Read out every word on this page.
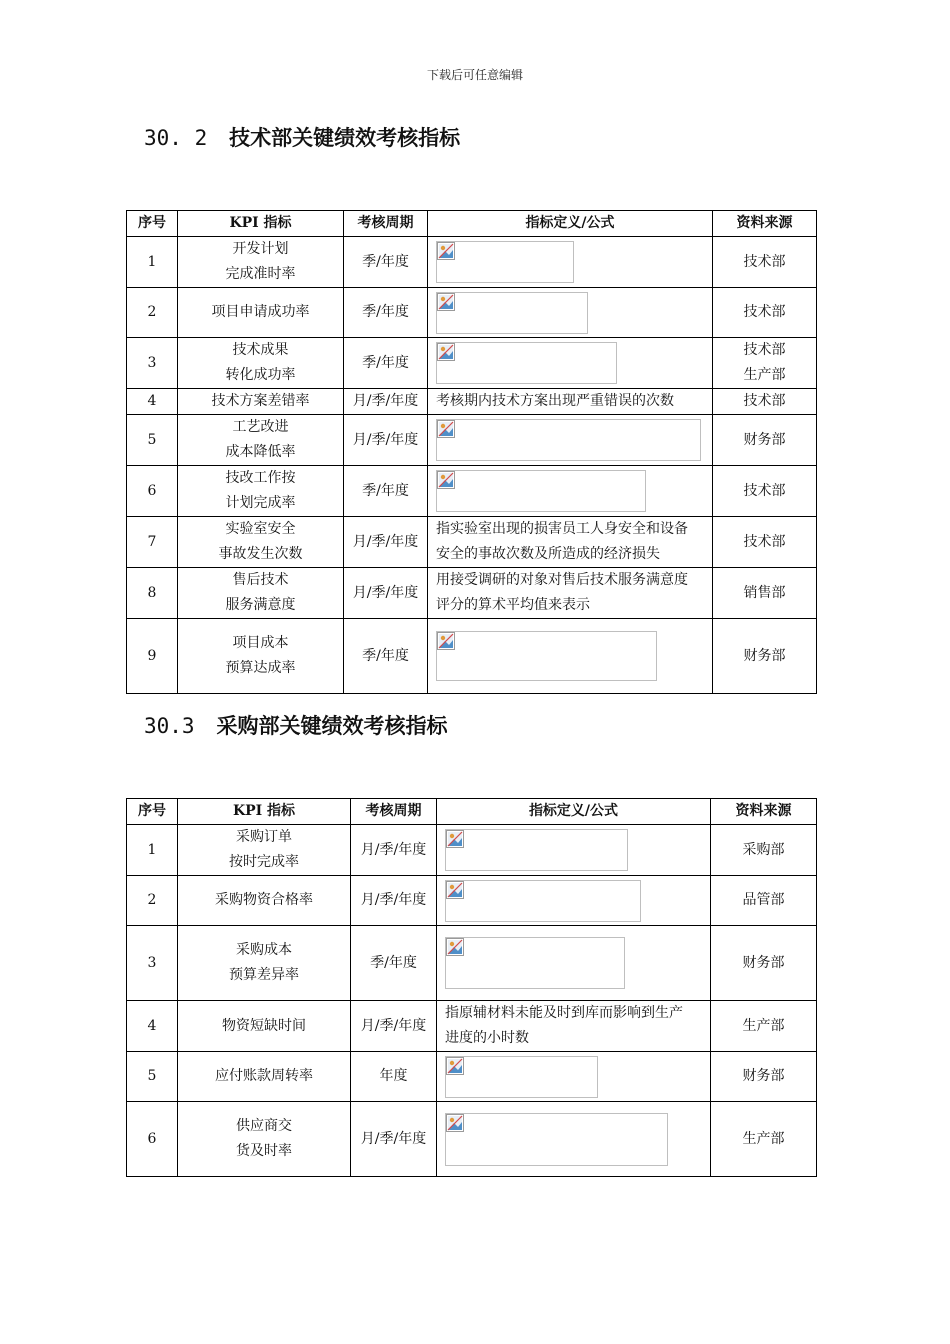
下载后可任意编辑
30. 2 技术部关键绩效考核指标
序号	KPI 指标	考核周期	指标定义/公式	资料来源
1	开发计划
完成准时率	季/年度		技术部

2	项目申请成功率	季/年度		技术部

3	技术成果
转化成功率	季/年度		技术部
生产部

4	技术方案差错率	月/季/年度	考核期内技术方案出现严重错误的次数	技术部

5	工艺改进
成本降低率	月/季/年度		财务部

6	技改工作按
计划完成率	季/年度		技术部

7	实验室安全
事故发生次数	月/季/年度	指实验室出现的损害员工人身安全和设备
安全的事故次数及所造成的经济损失	技术部

8	售后技术
服务满意度	月/季/年度	用接受调研的对象对售后技术服务满意度
评分的算术平均值来表示	销售部

9	项目成本
预算达成率	季/年度		财务部
30.3 采购部关键绩效考核指标
序号	KPI 指标	考核周期	指标定义/公式	资料来源
1	采购订单
按时完成率	月/季/年度		采购部

2	采购物资合格率	月/季/年度		品管部

3	采购成本
预算差异率	季/年度		财务部

4	物资短缺时间	月/季/年度	指原辅材料未能及时到库而影响到生产
进度的小时数	生产部

5	应付账款周转率	年度		财务部

6	供应商交
货及时率	月/季/年度		生产部
